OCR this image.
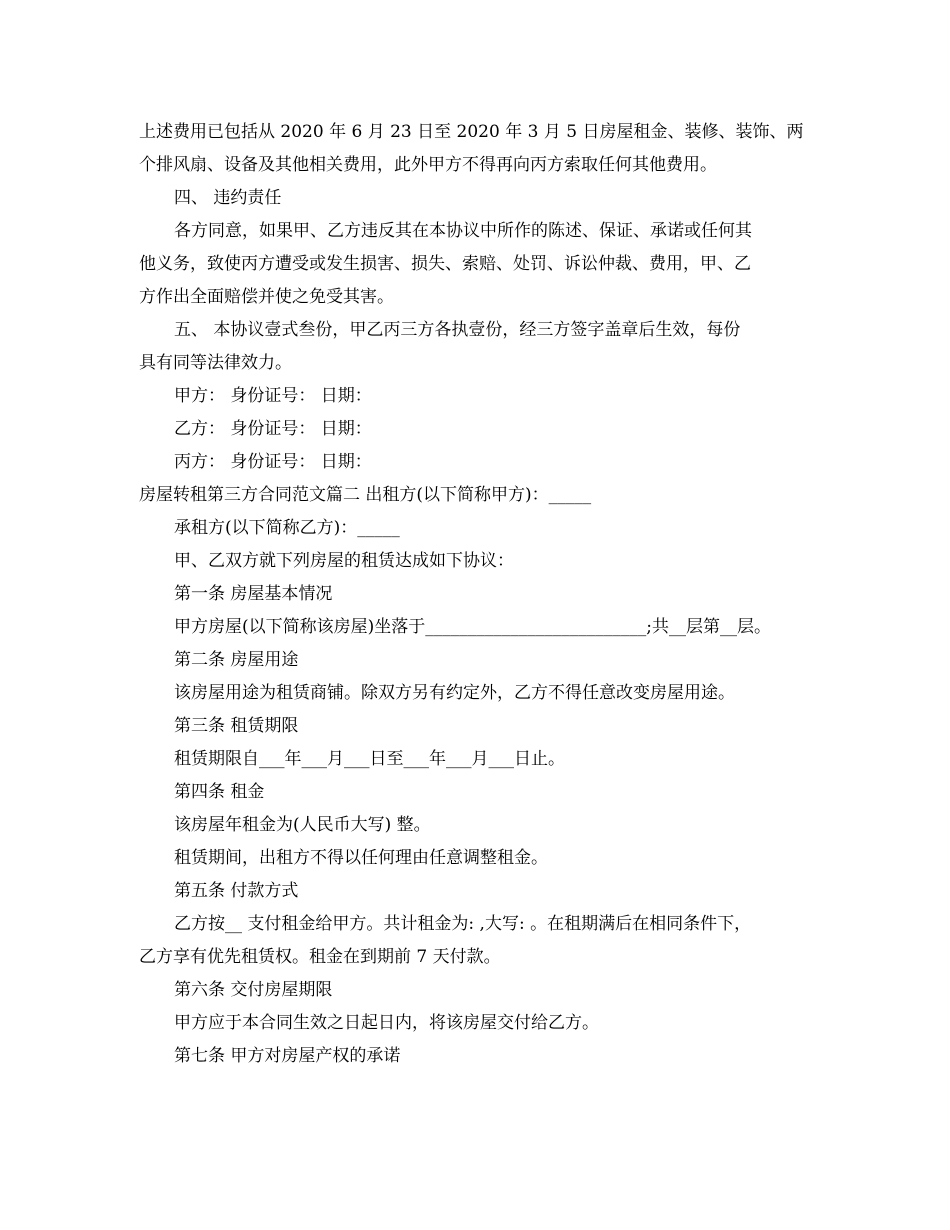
上述费用已包括从 2020 年 6 月 23 日至 2020 年 3 月 5 日房屋租金、装修、装饰、两
个排风扇、设备及其他相关费用，此外甲方不得再向丙方索取任何其他费用。
四、 违约责任
各方同意，如果甲、乙方违反其在本协议中所作的陈述、保证、承诺或任何其
他义务，致使丙方遭受或发生损害、损失、索赔、处罚、诉讼仲裁、费用，甲、乙
方作出全面赔偿并使之免受其害。
五、 本协议壹式叁份，甲乙丙三方各执壹份，经三方签字盖章后生效，每份
具有同等法律效力。
甲方： 身份证号： 日期：
乙方： 身份证号： 日期：
丙方： 身份证号： 日期：
房屋转租第三方合同范文篇二 出租方(以下简称甲方)：_____
承租方(以下简称乙方)：_____
甲、乙双方就下列房屋的租赁达成如下协议：
第一条 房屋基本情况
甲方房屋(以下简称该房屋)坐落于__________________________;共__层第__层。
第二条 房屋用途
该房屋用途为租赁商铺。除双方另有约定外，乙方不得任意改变房屋用途。
第三条 租赁期限
租赁期限自___年___月___日至___年___月___日止。
第四条 租金
该房屋年租金为(人民币大写) 整。
租赁期间，出租方不得以任何理由任意调整租金。
第五条 付款方式
乙方按__ 支付租金给甲方。共计租金为: ,大写: 。在租期满后在相同条件下，
乙方享有优先租赁权。租金在到期前 7 天付款。
第六条 交付房屋期限
甲方应于本合同生效之日起日内，将该房屋交付给乙方。
第七条 甲方对房屋产权的承诺
